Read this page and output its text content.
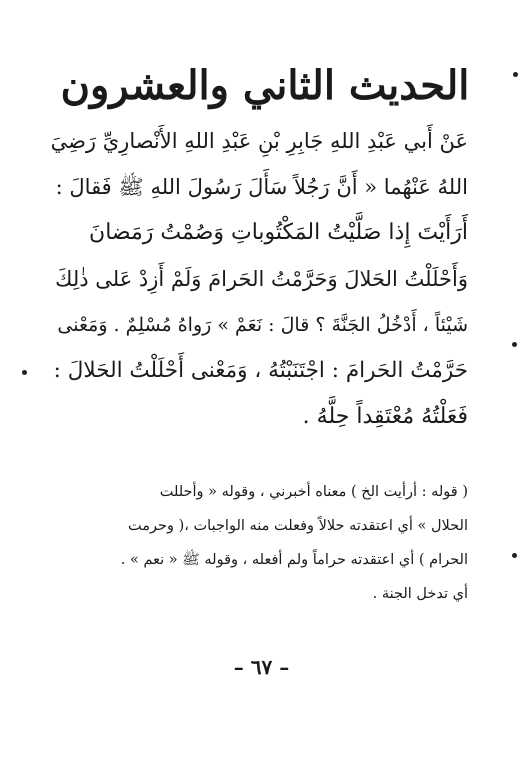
الحديث الثاني والعشرون
عَنْ أَبي عَبْدِ اللهِ جَابِرِ بْنِ عَبْدِ اللهِ الأَنْصارِيِّ رَضِيَ
اللهُ عَنْهُما « أَنَّ رَجُلاً سَأَلَ رَسُولَ اللهِ ﷺ فَقالَ :
أَرَأَيْتَ إِذا صَلَّيْتُ المَكْتُوباتِ وَصُمْتُ رَمَضانَ
وَأَحْلَلْتُ الحَلالَ وَحَرَّمْتُ الحَرامَ وَلَمْ أَزِدْ عَلى ذٰلِكَ
شَيْئاً ، أَدْخُلُ الجَنَّةَ ؟ قالَ : نَعَمْ » رَواهُ مُسْلِمٌ . وَمَعْنى
حَرَّمْتُ الحَرامَ : اجْتَنَبْتُهُ ، وَمَعْنى أَحْلَلْتُ الحَلالَ :
فَعَلْتُهُ مُعْتَقِداً حِلَّهُ .
( قوله : أرأيت الخ ) معناه أخبرني ، وقوله « وأحللت
الحلال » أي اعتقدته حلالاً وفعلت منه الواجبات ،( وحرمت
الحرام ) أي اعتقدته حراماً ولم أفعله ، وقوله ﷺ « نعم » .
أي تدخل الجنة .
– ٦٧ –
